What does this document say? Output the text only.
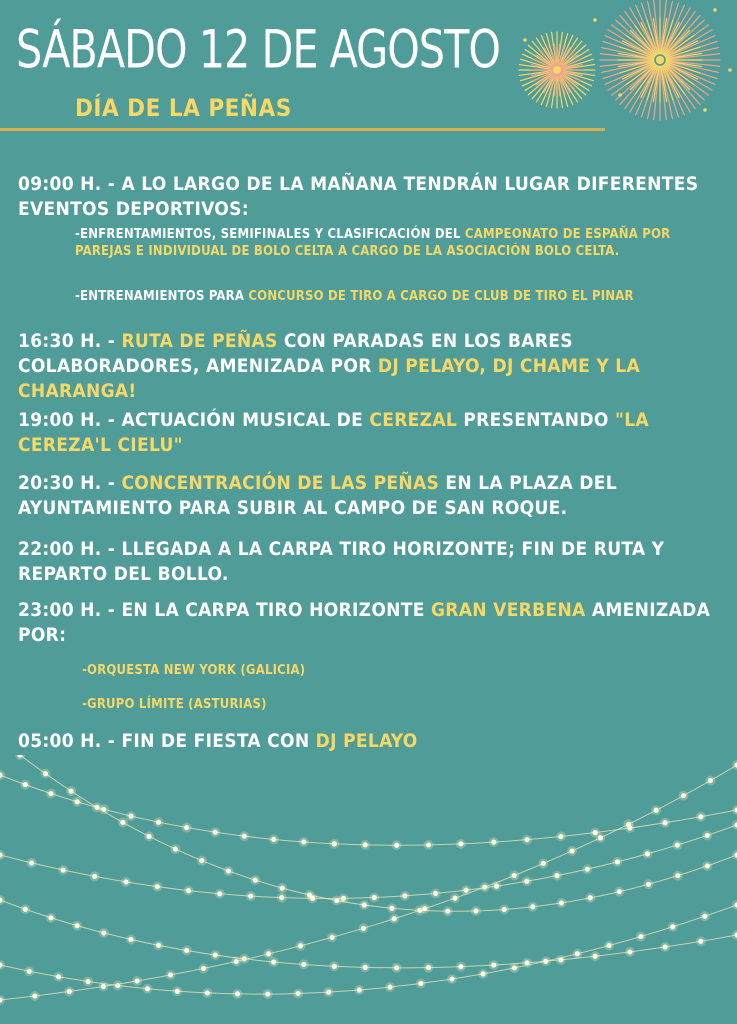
SÁBADO 12 DE AGOSTO
DÍA DE LA PEÑAS
09:00 H. - A LO LARGO DE LA MAÑANA TENDRÁN LUGAR DIFERENTES EVENTOS DEPORTIVOS:
-ENFRENTAMIENTOS, SEMIFINALES Y CLASIFICACIÓN DEL CAMPEONATO DE ESPAÑA POR PAREJAS E INDIVIDUAL DE BOLO CELTA A CARGO DE LA ASOCIACIÓN BOLO CELTA.
-ENTRENAMIENTOS PARA CONCURSO DE TIRO A CARGO DE CLUB DE TIRO EL PINAR
16:30 H. - RUTA DE PEÑAS CON PARADAS EN LOS BARES COLABORADORES, AMENIZADA POR DJ PELAYO, DJ CHAME Y LA CHARANGA!
19:00 H. - ACTUACIÓN MUSICAL DE CEREZAL PRESENTANDO "LA CEREZA'L CIELU"
20:30 H. - CONCENTRACIÓN DE LAS PEÑAS EN LA PLAZA DEL AYUNTAMIENTO PARA SUBIR AL CAMPO DE SAN ROQUE.
22:00 H. - LLEGADA A LA CARPA TIRO HORIZONTE; FIN DE RUTA Y REPARTO DEL BOLLO.
23:00 H. - EN LA CARPA TIRO HORIZONTE GRAN VERBENA AMENIZADA POR:
-ORQUESTA NEW YORK (GALICIA)
-GRUPO LÍMITE (ASTURIAS)
05:00 H. - FIN DE FIESTA CON DJ PELAYO
